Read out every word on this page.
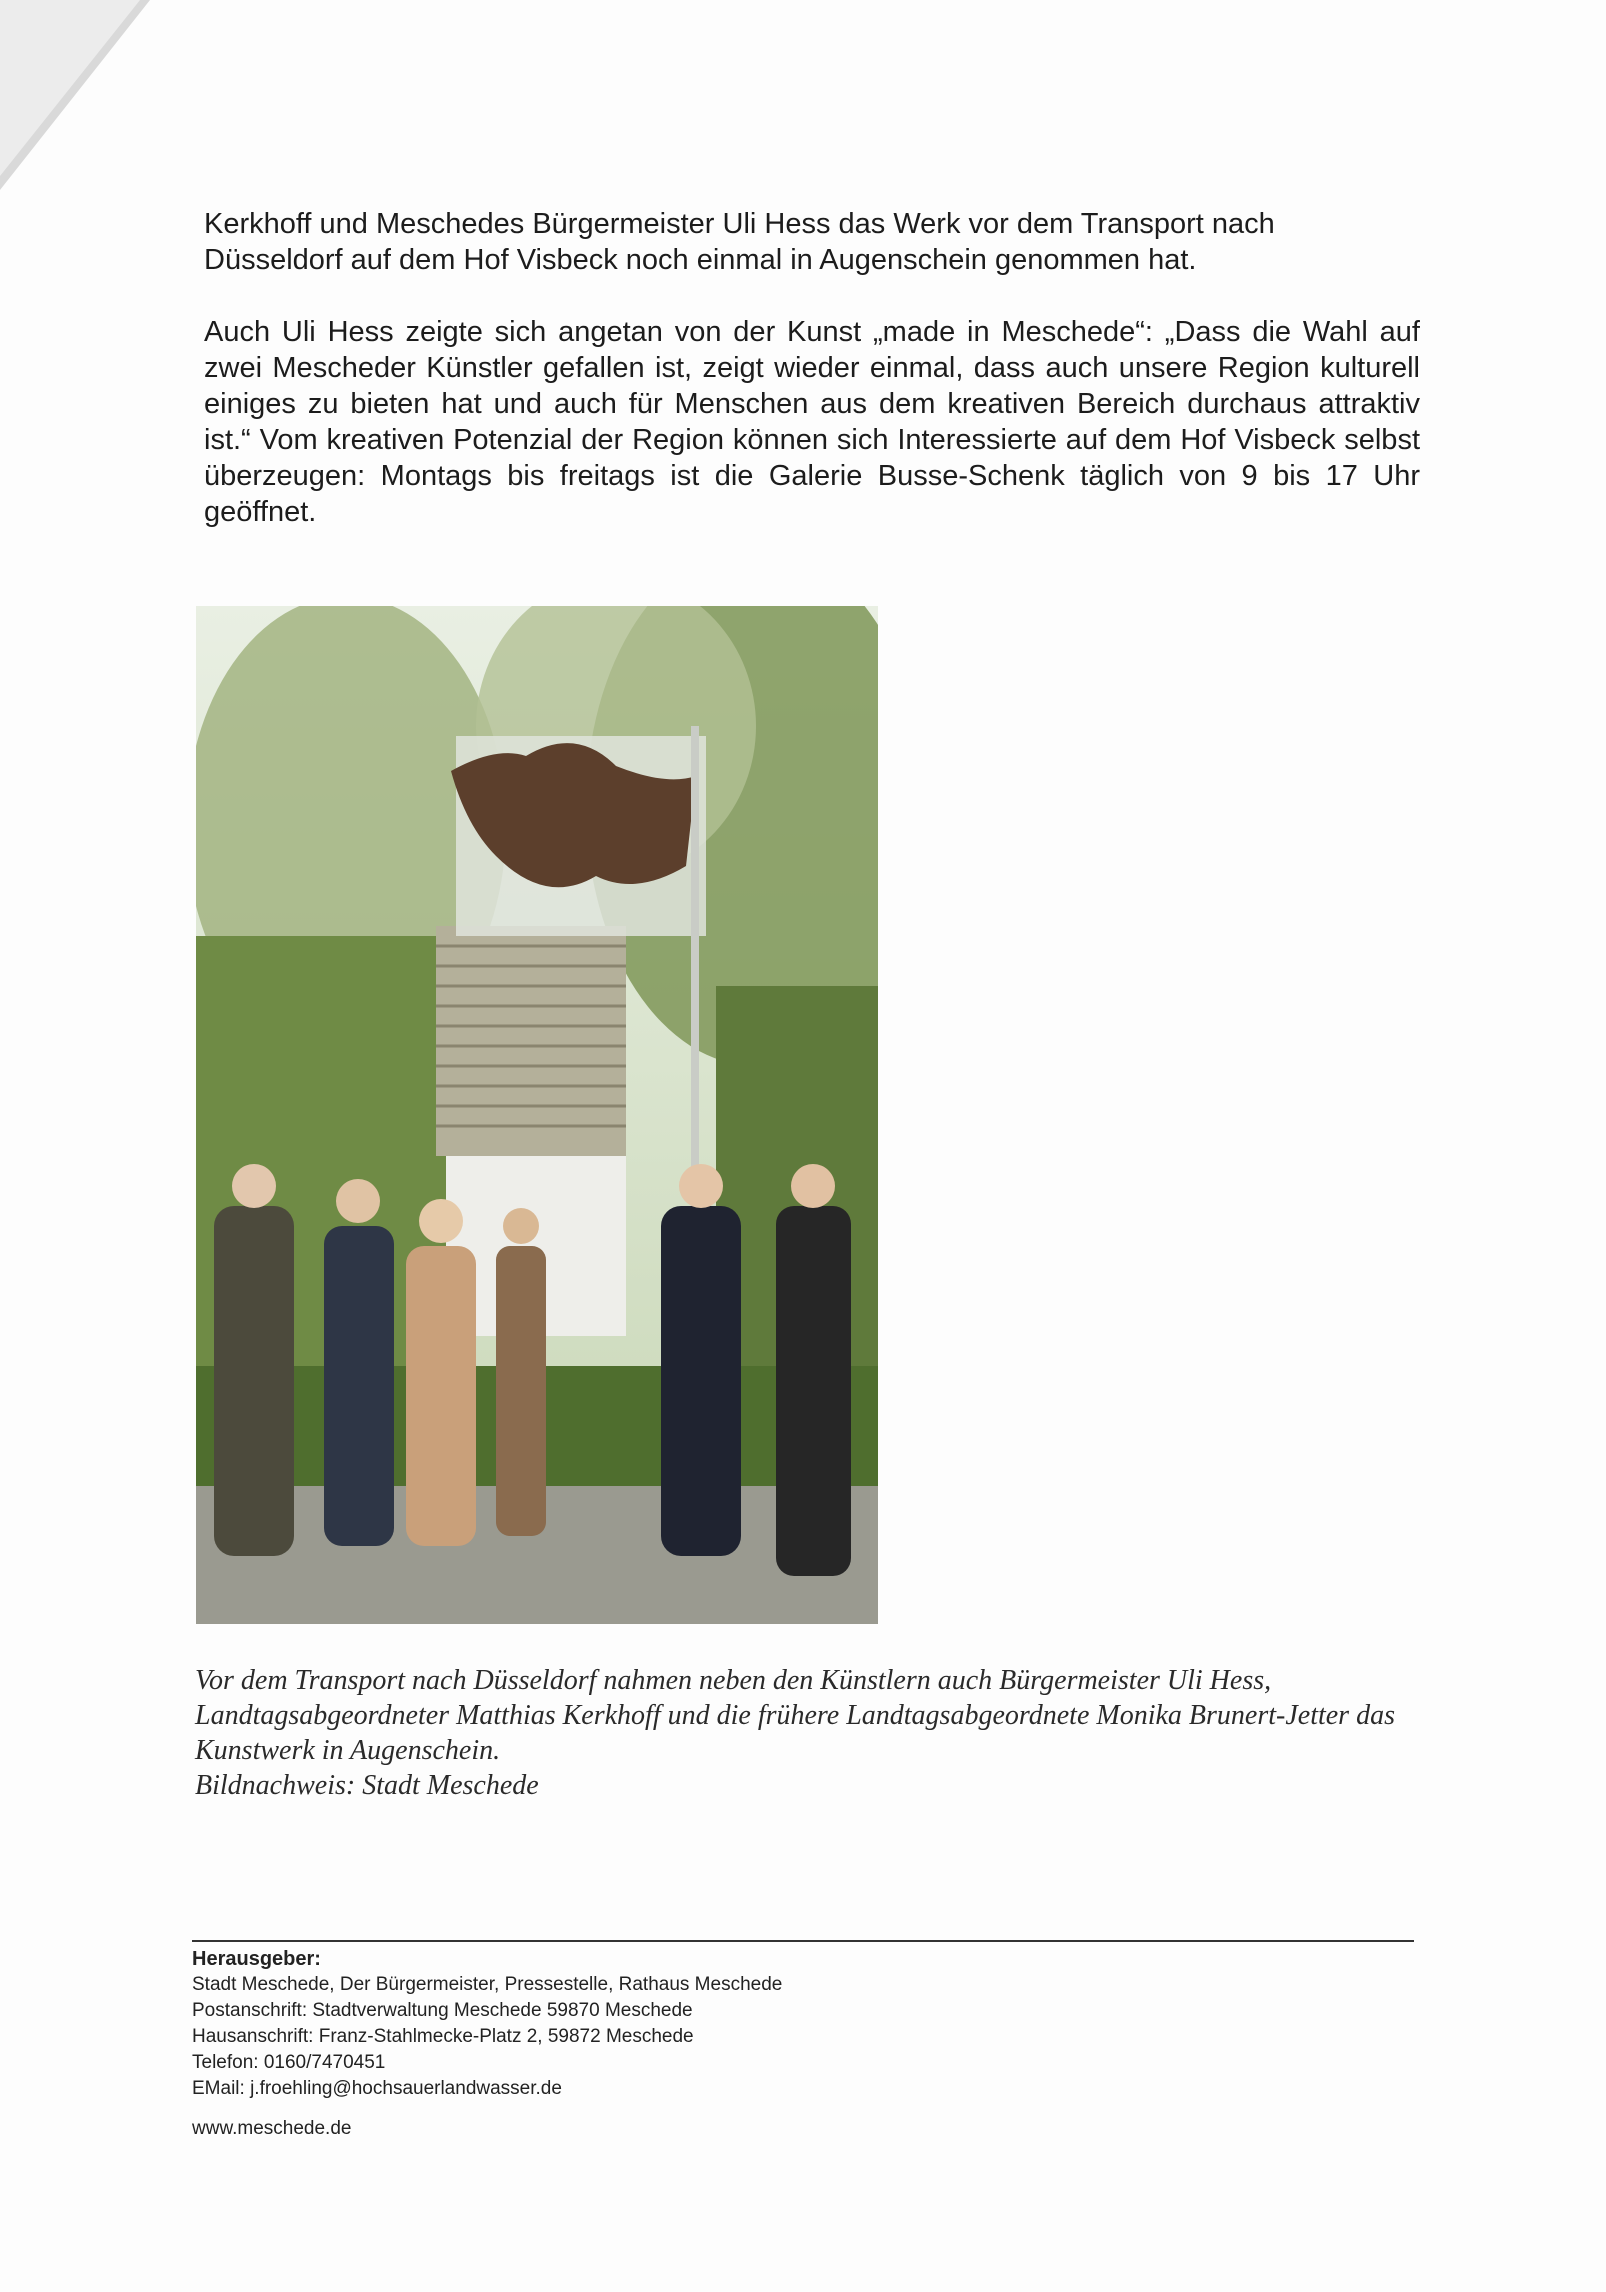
Kerkhoff und Meschedes Bürgermeister Uli Hess das Werk vor dem Transport nach Düsseldorf auf dem Hof Visbeck noch einmal in Augenschein genommen hat.

Auch Uli Hess zeigte sich angetan von der Kunst „made in Meschede“: „Dass die Wahl auf zwei Mescheder Künstler gefallen ist, zeigt wieder einmal, dass auch unsere Region kulturell einiges zu bieten hat und auch für Menschen aus dem kreativen Bereich durchaus attraktiv ist.“ Vom kreativen Potenzial der Region können sich Interessierte auf dem Hof Visbeck selbst überzeugen: Montags bis freitags ist die Galerie Busse-Schenk täglich von 9 bis 17 Uhr geöffnet.

Vor dem Transport nach Düsseldorf nahmen neben den Künstlern auch Bürgermeister Uli Hess, Landtagsabgeordneter Matthias Kerkhoff und die frühere Landtagsabgeordnete Monika Brunert-Jetter das Kunstwerk in Augenschein.

Bildnachweis: Stadt Meschede
Herausgeber:
Stadt Meschede, Der Bürgermeister, Pressestelle, Rathaus Meschede
Postanschrift: Stadtverwaltung Meschede 59870 Meschede
Hausanschrift: Franz-Stahlmecke-Platz 2, 59872 Meschede
Telefon: 0160/7470451
EMail: j.froehling@hochsauerlandwasser.de
www.meschede.de
